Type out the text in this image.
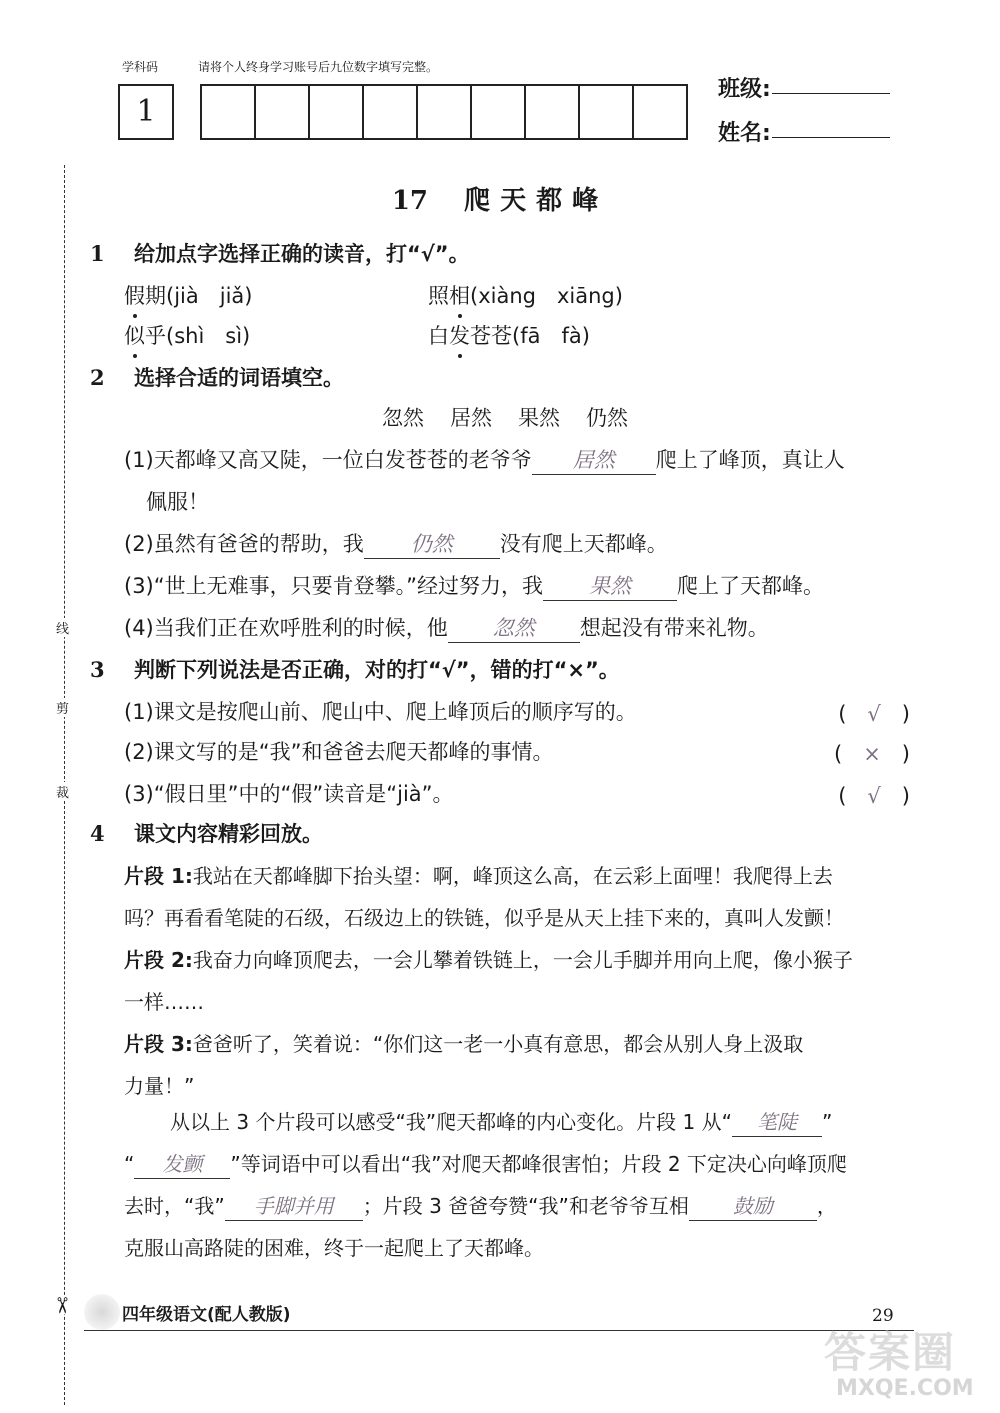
学科码	请将个人终身学习账号后九位数字填写完整。
1
班级:
姓名:
线
剪
裁
✂
17 爬天都峰
1 给加点字选择正确的读音，打“√”。
假期(jià　jiǎ)	照相(xiàng　xiāng)
似乎(shì　sì)	白发苍苍(fā　fà)
2 选择合适的词语填空。
忽然 居然 果然 仍然
(1)天都峰又高又陡，一位白发苍苍的老爷爷 居然 爬上了峰顶，真让人
佩服！
(2)虽然有爸爸的帮助，我 仍然 没有爬上天都峰。
(3)“世上无难事，只要肯登攀。”经过努力，我 果然 爬上了天都峰。
(4)当我们正在欢呼胜利的时候，他 忽然 想起没有带来礼物。
3 判断下列说法是否正确，对的打“√”，错的打“×”。
(1)课文是按爬山前、爬山中、爬上峰顶后的顺序写的。	(　√　)
(2)课文写的是“我”和爸爸去爬天都峰的事情。	(　×　)
(3)“假日里”中的“假”读音是“jià”。	(　√　)
4 课文内容精彩回放。
片段 1:我站在天都峰脚下抬头望：啊，峰顶这么高，在云彩上面哩！我爬得上去
吗？再看看笔陡的石级，石级边上的铁链，似乎是从天上挂下来的，真叫人发颤！
片段 2:我奋力向峰顶爬去，一会儿攀着铁链上，一会儿手脚并用向上爬，像小猴子
一样……
片段 3:爸爸听了，笑着说：“你们这一老一小真有意思，都会从别人身上汲取
力量！”
从以上 3 个片段可以感受“我”爬天都峰的内心变化。片段 1 从“ 笔陡 ”
“ 发颤 ”等词语中可以看出“我”对爬天都峰很害怕；片段 2 下定决心向峰顶爬
去时，“我” 手脚并用 ；片段 3 爸爸夸赞“我”和老爷爷互相 鼓励 ，
克服山高路陡的困难，终于一起爬上了天都峰。
四年级语文(配人教版)	29
答案圈
MXQE.COM
